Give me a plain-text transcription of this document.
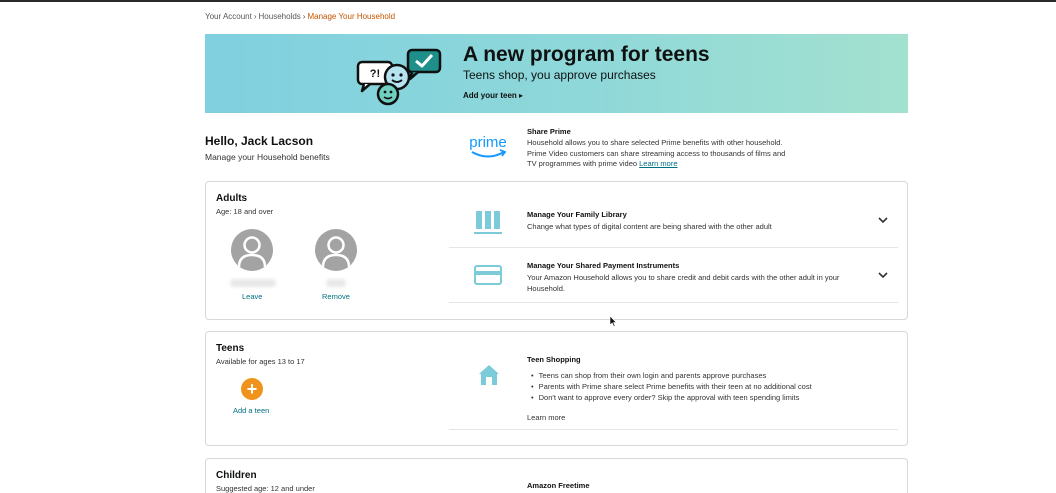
Your Account › Households › Manage Your Household
?!
A new program for teens
Teens shop, you approve purchases
Add your teen ▸
Hello, Jack Lacson
Manage your Household benefits
prime
Share Prime
Household allows you to share selected Prime benefits with other household. Prime Video customers can share streaming access to thousands of films and TV programmes with prime video Learn more
Adults
Age: 18 and over
Leave	Remove
Manage Your Family Library
Change what types of digital content are being shared with the other adult
Manage Your Shared Payment Instruments
Your Amazon Household allows you to share credit and debit cards with the other adult in your Household.
Teens
Available for ages 13 to 17
+
Add a teen
Teen Shopping
• Teens can shop from their own login and parents approve purchases
• Parents with Prime share select Prime benefits with their teen at no additional cost
• Don't want to approve every order? Skip the approval with teen spending limits
Learn more
Children
Suggested age: 12 and under	Amazon Freetime
